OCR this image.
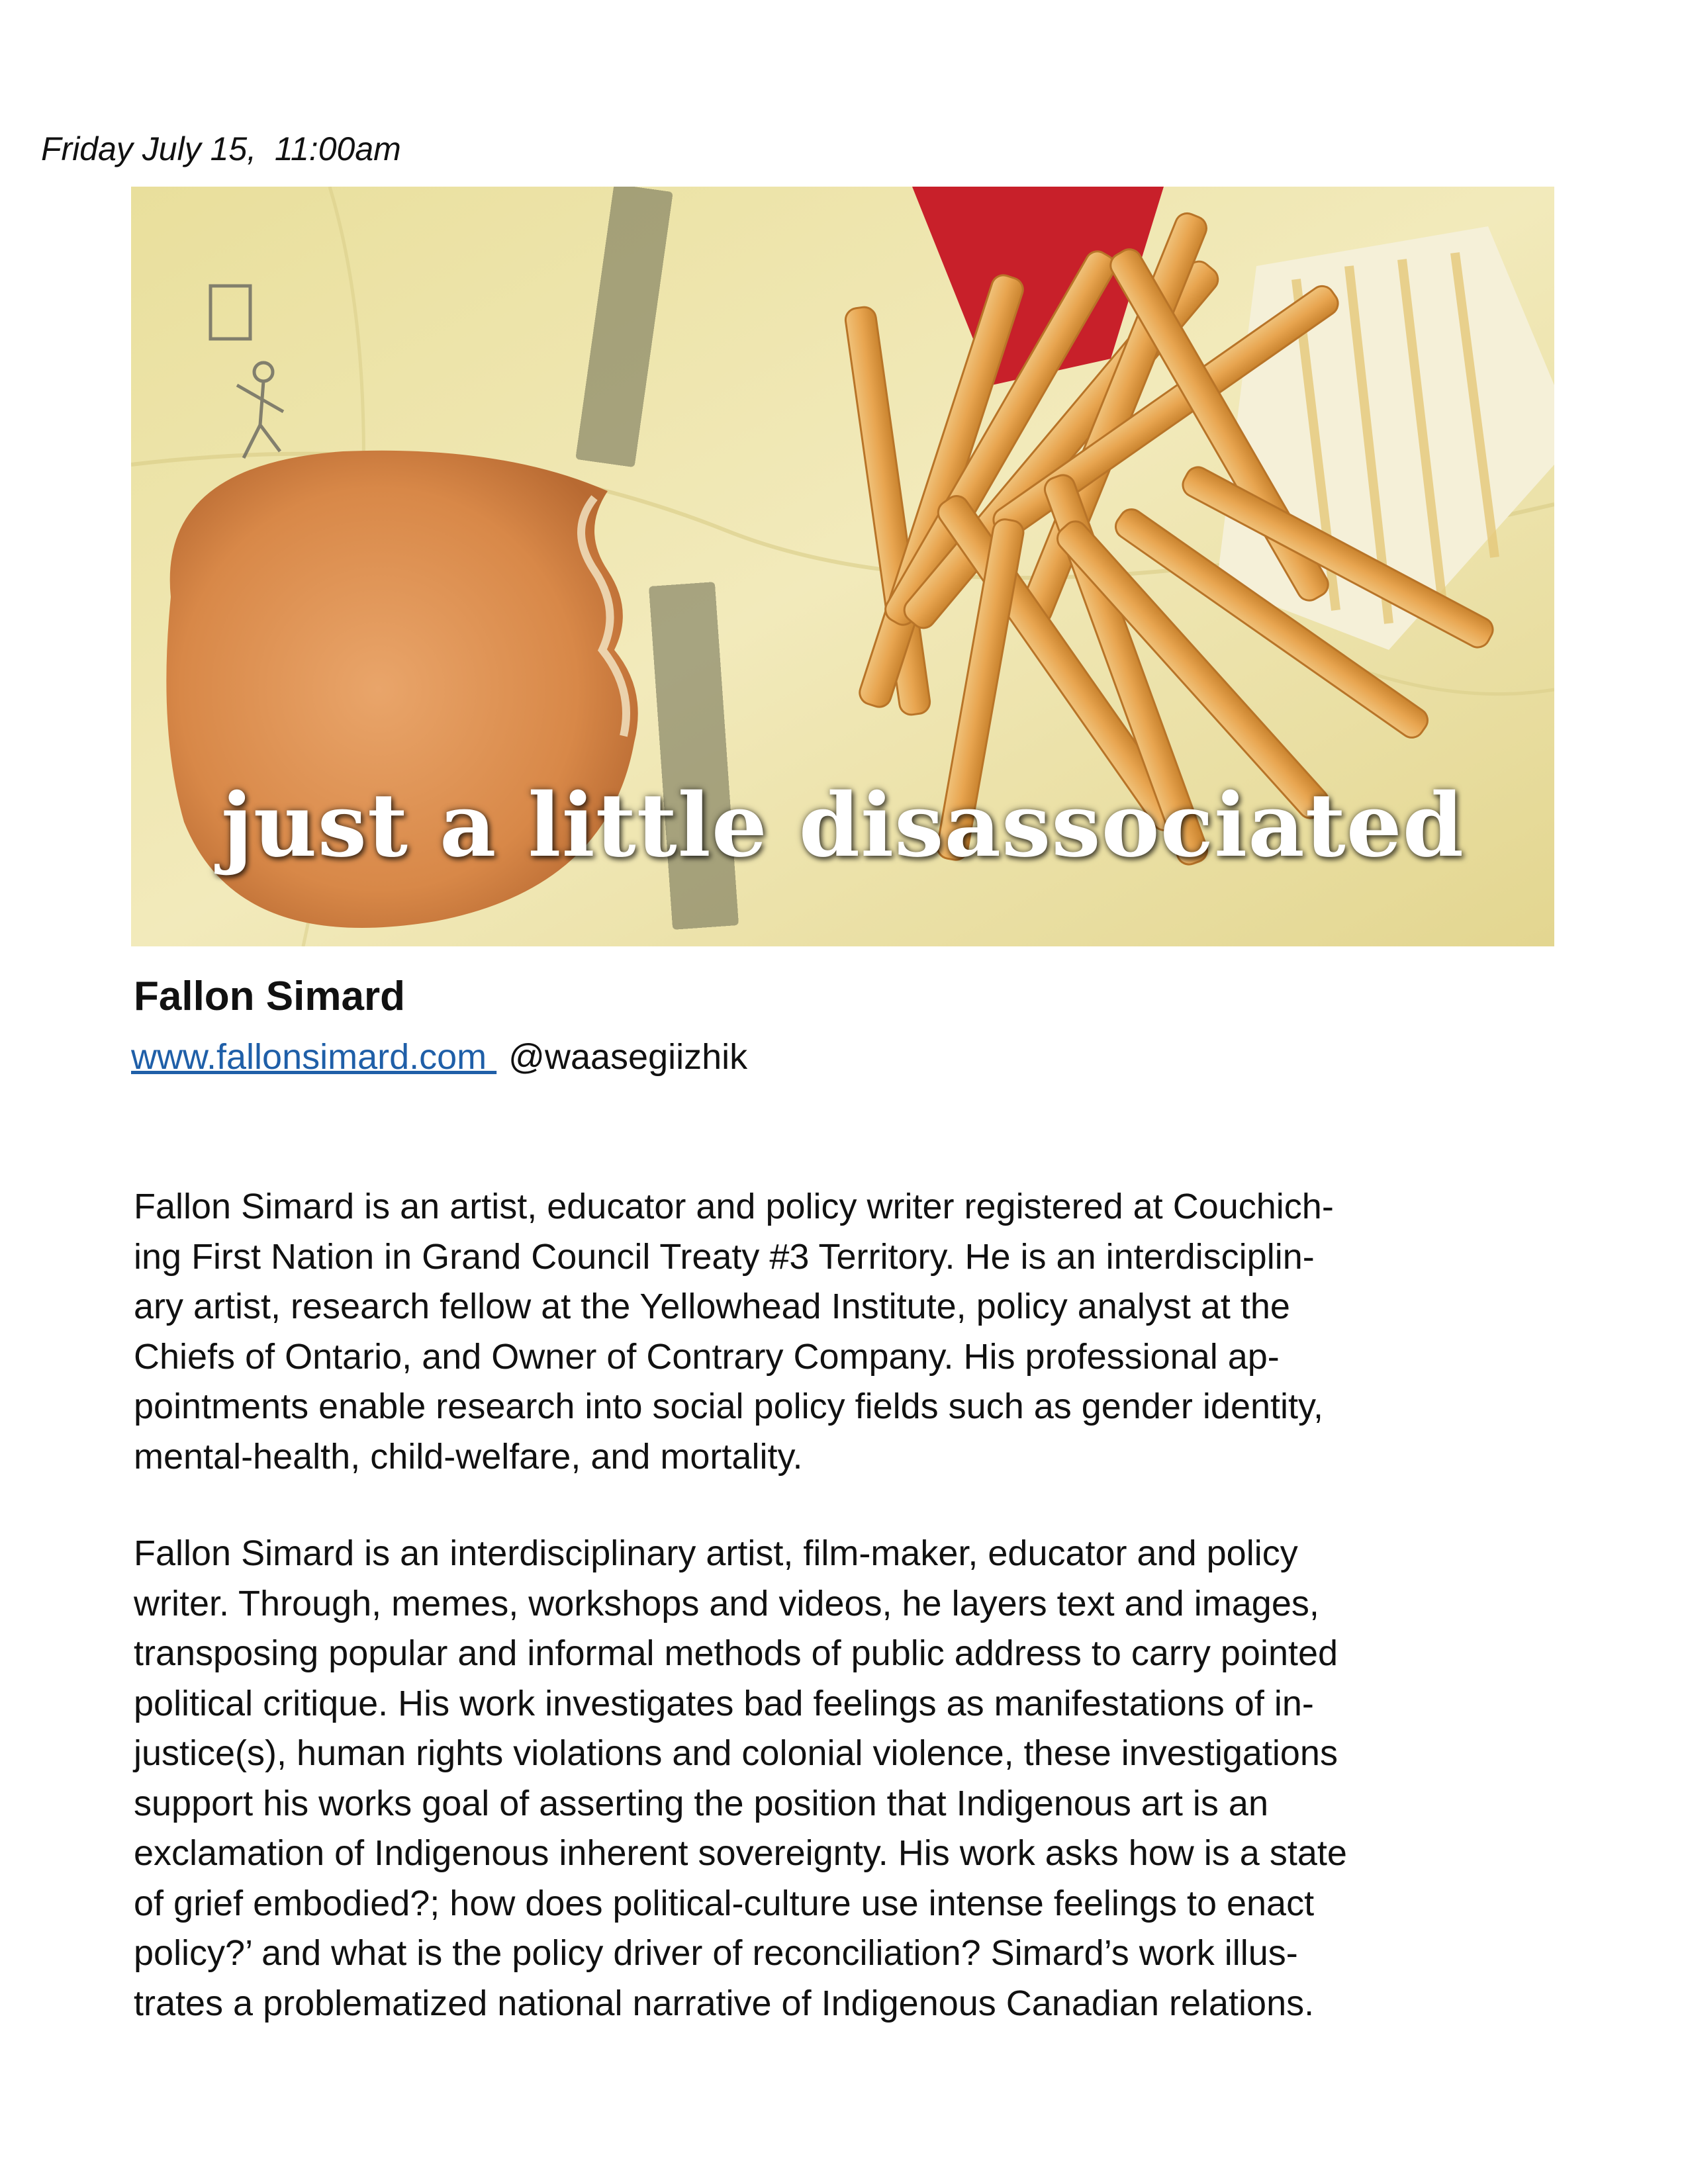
Friday July 15,  11:00am
just a little disassociated
Fallon Simard
www.fallonsimard.com @waasegiizhik

Fallon Simard is an artist, educator and policy writer registered at Couchich-
ing First Nation in Grand Council Treaty #3 Territory. He is an interdisciplin-
ary artist, research fellow at the Yellowhead Institute, policy analyst at the
Chiefs of Ontario, and Owner of Contrary Company. His professional ap-
pointments enable research into social policy fields such as gender identity,
mental-health, child-welfare, and mortality.

Fallon Simard is an interdisciplinary artist, film-maker, educator and policy
writer. Through, memes, workshops and videos, he layers text and images,
transposing popular and informal methods of public address to carry pointed
political critique. His work investigates bad feelings as manifestations of in-
justice(s), human rights violations and colonial violence, these investigations
support his works goal of asserting the position that Indigenous art is an
exclamation of Indigenous inherent sovereignty. His work asks how is a state
of grief embodied?; how does political-culture use intense feelings to enact
policy?’ and what is the policy driver of reconciliation? Simard’s work illus-
trates a problematized national narrative of Indigenous Canadian relations.
